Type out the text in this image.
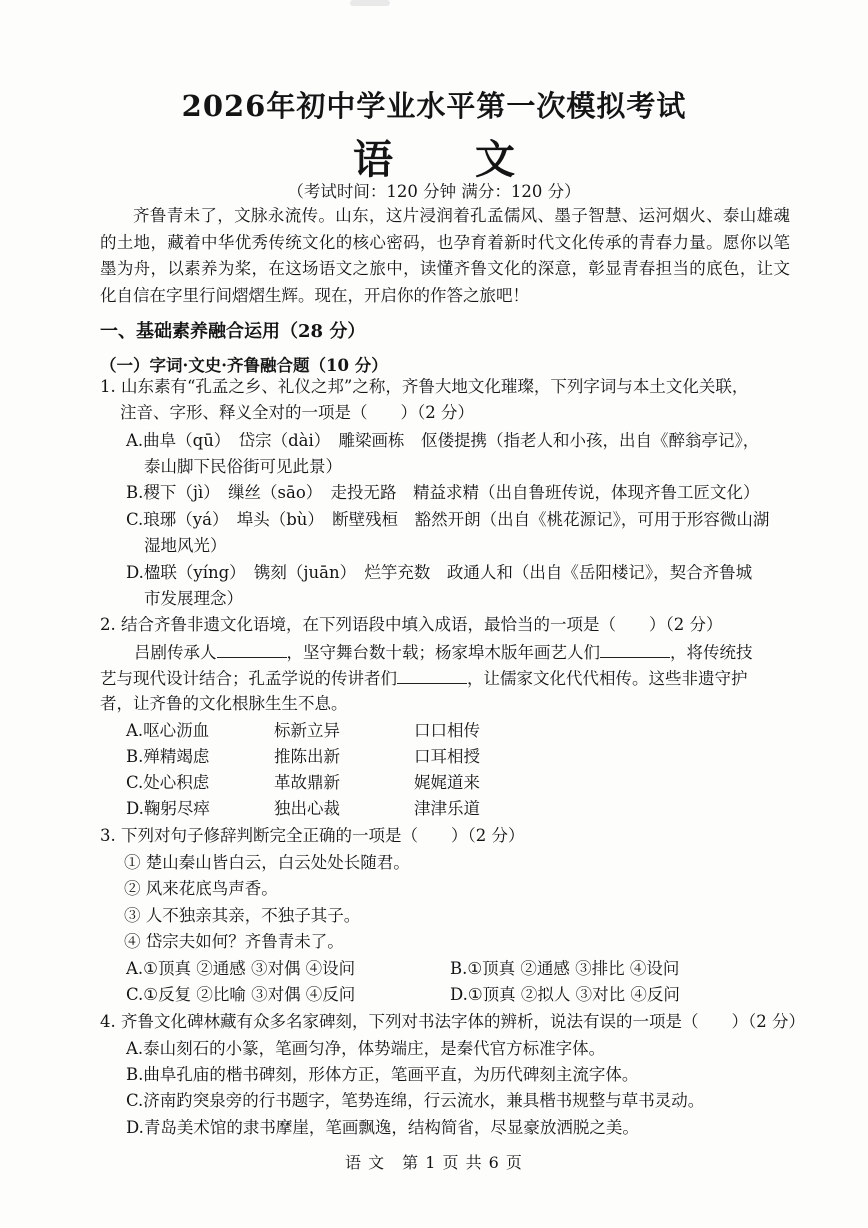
2026年初中学业水平第一次模拟考试
语 文
（考试时间：120 分钟 满分：120 分）

齐鲁青未了，文脉永流传。山东，这片浸润着孔孟儒风、墨子智慧、运河烟火、泰山雄魂的土地，藏着中华优秀传统文化的核心密码，也孕育着新时代文化传承的青春力量。愿你以笔墨为舟，以素养为桨，在这场语文之旅中，读懂齐鲁文化的深意，彰显青春担当的底色，让文化自信在字里行间熠熠生辉。现在，开启你的作答之旅吧！

一、基础素养融合运用（28 分）
（一）字词·文史·齐鲁融合题（10 分）
1. 山东素有“孔孟之乡、礼仪之邦”之称，齐鲁大地文化璀璨，下列字词与本土文化关联，
注音、字形、释义全对的一项是（　　）（2 分）
A.曲阜（qū）　岱宗（dài）　雕梁画栋　伛偻提携（指老人和小孩，出自《醉翁亭记》，
泰山脚下民俗街可见此景）
B.稷下（jì）　缫丝（sāo）　走投无路　精益求精（出自鲁班传说，体现齐鲁工匠文化）
C.琅琊（yá）　埠头（bù）　断壁残桓　豁然开朗（出自《桃花源记》，可用于形容微山湖
湿地风光）
D.楹联（yíng）　镌刻（juān）　烂竽充数　政通人和（出自《岳阳楼记》，契合齐鲁城
市发展理念）
2. 结合齐鲁非遗文化语境，在下列语段中填入成语，最恰当的一项是（　　）（2 分）
吕剧传承人	，坚守舞台数十载；杨家埠木版年画艺人们	，将传统技
艺与现代设计结合；孔孟学说的传讲者们	，让儒家文化代代相传。这些非遗守护
者，让齐鲁的文化根脉生生不息。
A.呕心沥血	标新立异	口口相传
B.殚精竭虑	推陈出新	口耳相授
C.处心积虑	革故鼎新	娓娓道来
D.鞠躬尽瘁	独出心裁	津津乐道
3. 下列对句子修辞判断完全正确的一项是（　　）（2 分）
① 楚山秦山皆白云，白云处处长随君。
② 风来花底鸟声香。
③ 人不独亲其亲，不独子其子。
④ 岱宗夫如何？齐鲁青未了。
A.①顶真 ②通感 ③对偶 ④设问	B.①顶真 ②通感 ③排比 ④设问
C.①反复 ②比喻 ③对偶 ④反问	D.①顶真 ②拟人 ③对比 ④反问
4. 齐鲁文化碑林藏有众多名家碑刻，下列对书法字体的辨析，说法有误的一项是（　　）（2 分）
A.泰山刻石的小篆，笔画匀净，体势端庄，是秦代官方标准字体。
B.曲阜孔庙的楷书碑刻，形体方正，笔画平直，为历代碑刻主流字体。
C.济南趵突泉旁的行书题字，笔势连绵，行云流水，兼具楷书规整与草书灵动。
D.青岛美术馆的隶书摩崖，笔画飘逸，结构简省，尽显豪放洒脱之美。
语 文　第 1 页 共 6 页
